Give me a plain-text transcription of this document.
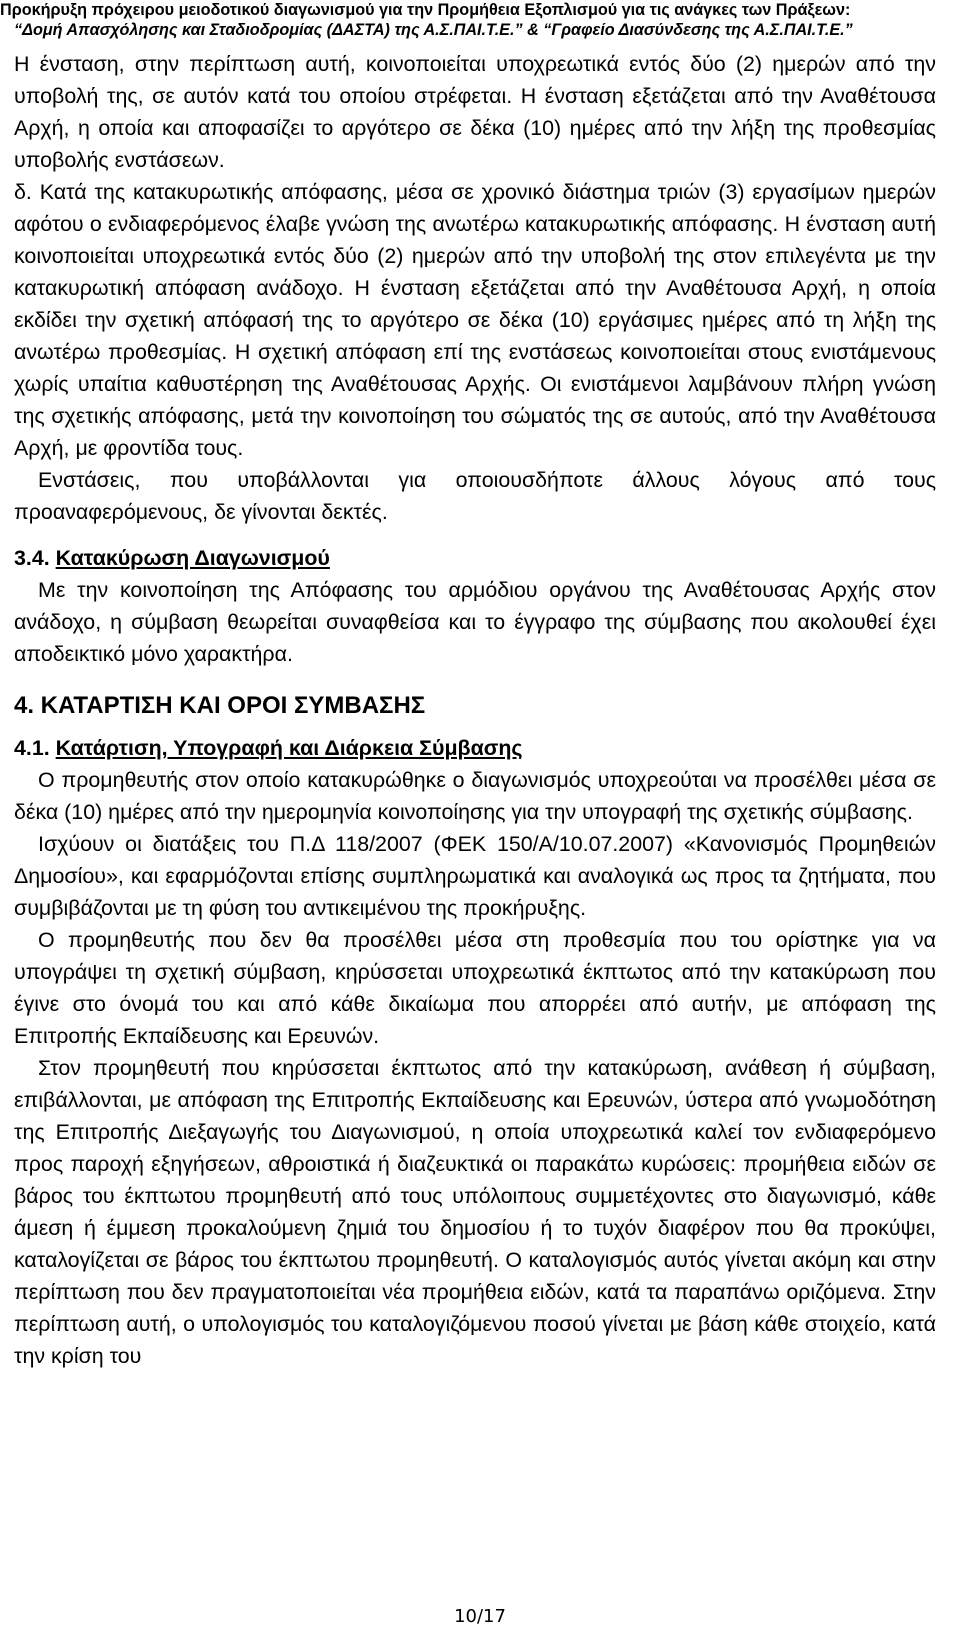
Προκήρυξη πρόχειρου μειοδοτικού διαγωνισμού για την Προμήθεια Εξοπλισμού για τις ανάγκες των Πράξεων:
“Δομή Απασχόλησης και Σταδιοδρομίας (ΔΑΣΤΑ) της Α.Σ.ΠΑΙ.Τ.Ε.” & “Γραφείο Διασύνδεσης της Α.Σ.ΠΑΙ.Τ.Ε.”

Η ένσταση, στην περίπτωση αυτή, κοινοποιείται υποχρεωτικά εντός δύο (2) ημερών από την υποβολή της, σε αυτόν κατά του οποίου στρέφεται. Η ένσταση εξετάζεται από την Αναθέτουσα Αρχή, η οποία και αποφασίζει το αργότερο σε δέκα (10) ημέρες από την λήξη της προθεσμίας υποβολής ενστάσεων.

δ. Κατά της κατακυρωτικής απόφασης, μέσα σε χρονικό διάστημα τριών (3) εργασίμων ημερών αφότου ο ενδιαφερόμενος έλαβε γνώση της ανωτέρω κατακυρωτικής απόφασης. Η ένσταση αυτή κοινοποιείται υποχρεωτικά εντός δύο (2) ημερών από την υποβολή της στον επιλεγέντα με την κατακυρωτική απόφαση ανάδοχο. Η ένσταση εξετάζεται από την Αναθέτουσα Αρχή, η οποία εκδίδει την σχετική απόφασή της το αργότερο σε δέκα (10) εργάσιμες ημέρες από τη λήξη της ανωτέρω προθεσμίας. Η σχετική απόφαση επί της ενστάσεως κοινοποιείται στους ενιστάμενους χωρίς υπαίτια καθυστέρηση της Αναθέτουσας Αρχής. Οι ενιστάμενοι λαμβάνουν πλήρη γνώση της σχετικής απόφασης, μετά την κοινοποίηση του σώματός της σε αυτούς, από την Αναθέτουσα Αρχή, με φροντίδα τους.

Ενστάσεις, που υποβάλλονται για οποιουσδήποτε άλλους λόγους από τους προαναφερόμενους, δε γίνονται δεκτές.

3.4. Κατακύρωση Διαγωνισμού

Με την κοινοποίηση της Απόφασης του αρμόδιου οργάνου της Αναθέτουσας Αρχής στον ανάδοχο, η σύμβαση θεωρείται συναφθείσα και το έγγραφο της σύμβασης που ακολουθεί έχει αποδεικτικό μόνο χαρακτήρα.

4. ΚΑΤΑΡΤΙΣΗ ΚΑΙ ΟΡΟΙ ΣΥΜΒΑΣΗΣ

4.1. Κατάρτιση, Υπογραφή και Διάρκεια Σύμβασης

Ο προμηθευτής στον οποίο κατακυρώθηκε ο διαγωνισμός υποχρεούται να προσέλθει μέσα σε δέκα (10) ημέρες από την ημερομηνία κοινοποίησης για την υπογραφή της σχετικής σύμβασης.

Ισχύουν οι διατάξεις του Π.Δ 118/2007 (ΦΕΚ 150/Α/10.07.2007) «Κανονισμός Προμηθειών Δημοσίου», και εφαρμόζονται επίσης συμπληρωματικά και αναλογικά ως προς τα ζητήματα, που συμβιβάζονται με τη φύση του αντικειμένου της προκήρυξης.

Ο προμηθευτής που δεν θα προσέλθει μέσα στη προθεσμία που του ορίστηκε για να υπογράψει τη σχετική σύμβαση, κηρύσσεται υποχρεωτικά έκπτωτος από την κατακύρωση που έγινε στο όνομά του και από κάθε δικαίωμα που απορρέει από αυτήν, με απόφαση της Επιτροπής Εκπαίδευσης και Ερευνών.

Στον προμηθευτή που κηρύσσεται έκπτωτος από την κατακύρωση, ανάθεση ή σύμβαση, επιβάλλονται, με απόφαση της Επιτροπής Εκπαίδευσης και Ερευνών, ύστερα από γνωμοδότηση της Επιτροπής Διεξαγωγής του Διαγωνισμού, η οποία υποχρεωτικά καλεί τον ενδιαφερόμενο προς παροχή εξηγήσεων, αθροιστικά ή διαζευκτικά οι παρακάτω κυρώσεις: προμήθεια ειδών σε βάρος του έκπτωτου προμηθευτή από τους υπόλοιπους συμμετέχοντες στο διαγωνισμό, κάθε άμεση ή έμμεση προκαλούμενη ζημιά του δημοσίου ή το τυχόν διαφέρον που θα προκύψει, καταλογίζεται σε βάρος του έκπτωτου προμηθευτή. Ο καταλογισμός αυτός γίνεται ακόμη και στην περίπτωση που δεν πραγματοποιείται νέα προμήθεια ειδών, κατά τα παραπάνω οριζόμενα. Στην περίπτωση αυτή, ο υπολογισμός του καταλογιζόμενου ποσού γίνεται με βάση κάθε στοιχείο, κατά την κρίση του

10/17
